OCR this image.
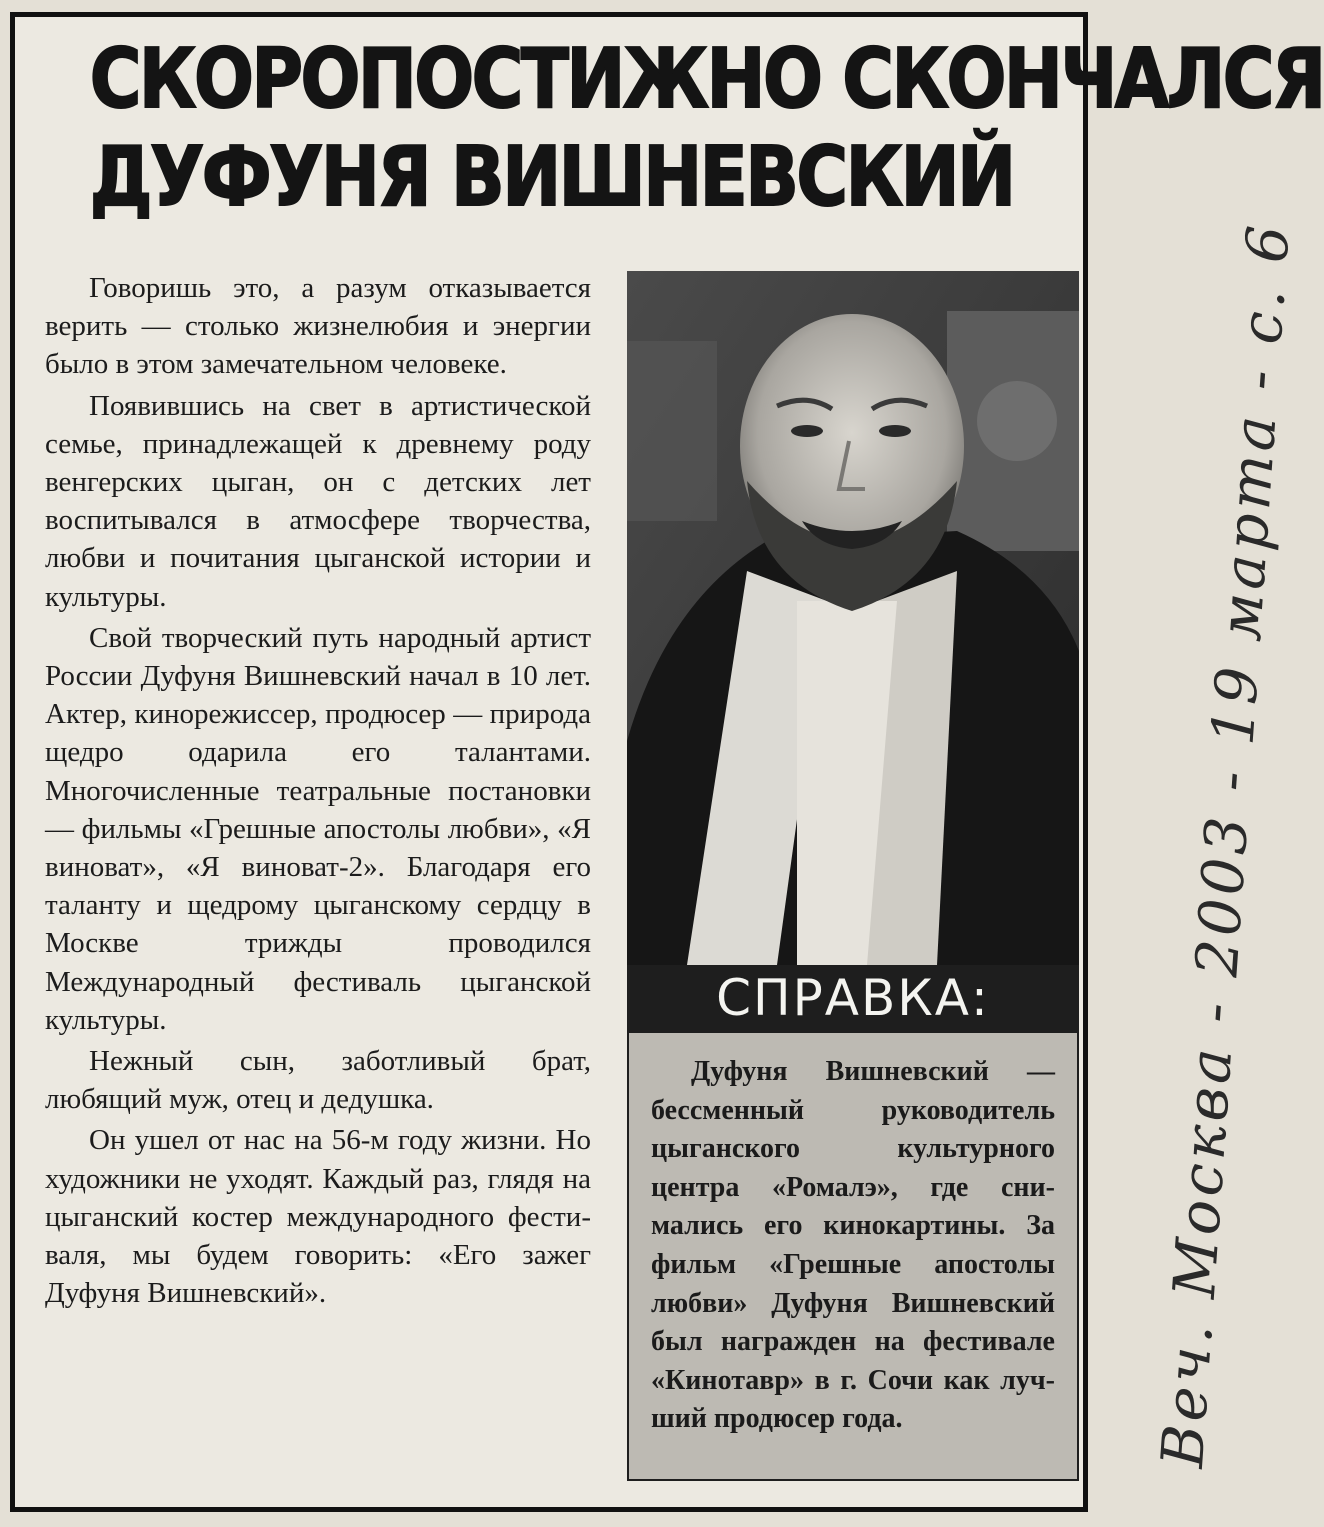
СКОРОПОСТИЖНО СКОНЧАЛСЯ
ДУФУНЯ ВИШНЕВСКИЙ

Говоришь это, а разум отказывается верить — столько жизнелюбия и энергии было в этом замечательном человеке.

Появившись на свет в артистической семье, принадлежащей к древнему роду венгерских цыган, он с детских лет воспитывался в атмосфере творчества, любви и почитания цыганской истории и культуры.

Свой творческий путь народный артист России Дуфуня Вишневский начал в 10 лет. Актер, кинорежиссер, продюсер — природа щедро одарила его талантами. Многочисленные театральные постановки — фильмы «Грешные апостолы любви», «Я виноват», «Я виноват-2». Благодаря его таланту и щедрому цыганскому сердцу в Москве трижды проводился Международный фестиваль цыганской культуры.

Нежный сын, заботливый брат, любящий муж, отец и дедушка.

Он ушел от нас на 56-м году жизни. Но художники не уходят. Каждый раз, глядя на цыганский костер международного фестиваля, мы будем говорить: «Его зажег Дуфуня Вишневский».

СПРАВКА:

Дуфуня Вишневский — бессменный руководитель цыганского культурного центра «Ромалэ», где снимались его кинокартины. За фильм «Грешные апостолы любви» Дуфуня Вишневский был награжден на фестивале «Кинотавр» в г. Сочи как лучший продюсер года.	Веч. Москва - 2003 - 19 марта - с. 6
